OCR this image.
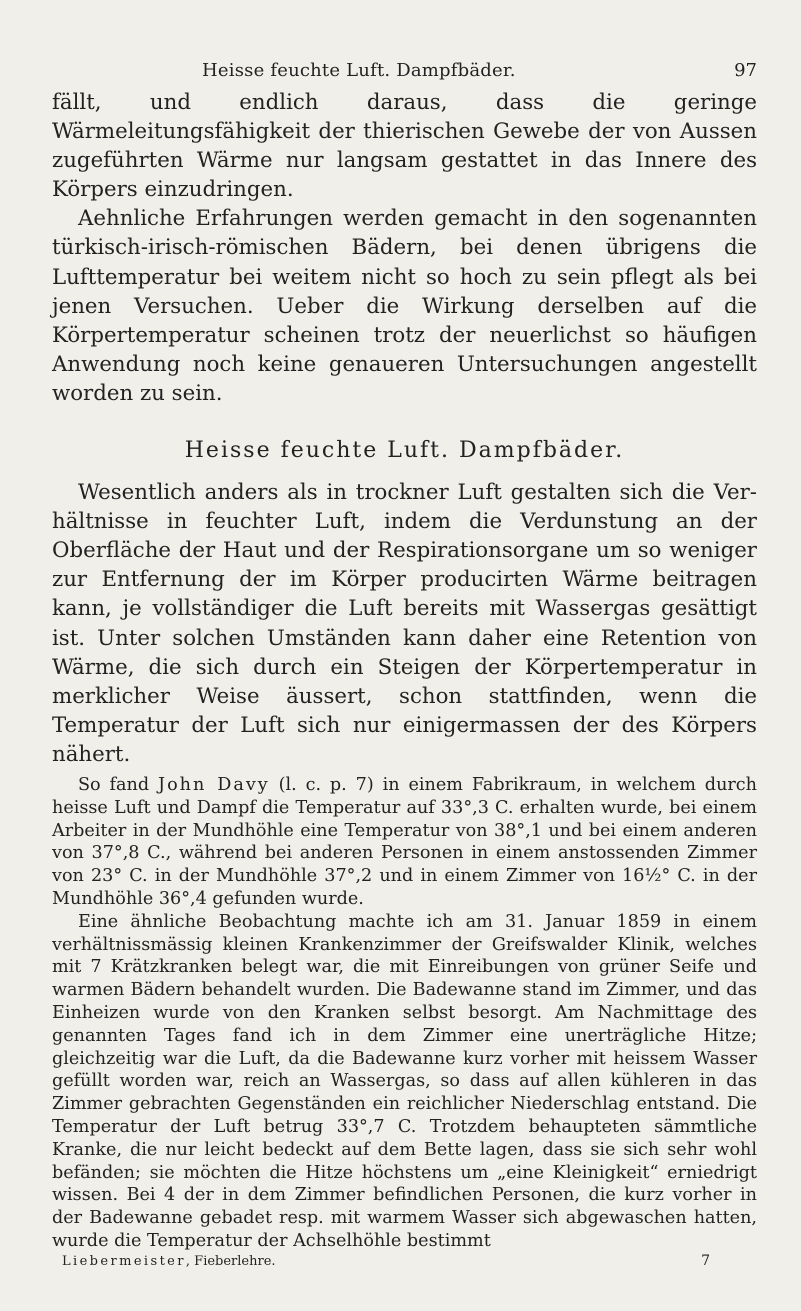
Heisse feuchte Luft. Dampfbäder.	97

fällt, und endlich daraus, dass die geringe Wärmeleitungsfähigkeit der thierischen Gewebe der von Aussen zugeführten Wärme nur langsam gestattet in das Innere des Körpers einzudringen.

Aehnliche Erfahrungen werden gemacht in den sogenannten türkisch-irisch-römischen Bädern, bei denen übrigens die Lufttemperatur bei weitem nicht so hoch zu sein pflegt als bei jenen Versuchen. Ueber die Wirkung derselben auf die Körpertemperatur scheinen trotz der neuerlichst so häufigen Anwendung noch keine genaueren Untersuchungen angestellt worden zu sein.

Heisse feuchte Luft. Dampfbäder.

Wesentlich anders als in trockner Luft gestalten sich die Verhältnisse in feuchter Luft, indem die Verdunstung an der Oberfläche der Haut und der Respirationsorgane um so weniger zur Entfernung der im Körper producirten Wärme beitragen kann, je vollständiger die Luft bereits mit Wassergas gesättigt ist. Unter solchen Umständen kann daher eine Retention von Wärme, die sich durch ein Steigen der Körpertemperatur in merklicher Weise äussert, schon stattfinden, wenn die Temperatur der Luft sich nur einigermassen der des Körpers nähert.

So fand John Davy (l. c. p. 7) in einem Fabrikraum, in welchem durch heisse Luft und Dampf die Temperatur auf 33°,3 C. erhalten wurde, bei einem Arbeiter in der Mundhöhle eine Temperatur von 38°,1 und bei einem anderen von 37°,8 C., während bei anderen Personen in einem anstossenden Zimmer von 23° C. in der Mundhöhle 37°,2 und in einem Zimmer von 16½° C. in der Mundhöhle 36°,4 gefunden wurde.

Eine ähnliche Beobachtung machte ich am 31. Januar 1859 in einem verhältnissmässig kleinen Krankenzimmer der Greifswalder Klinik, welches mit 7 Krätzkranken belegt war, die mit Einreibungen von grüner Seife und warmen Bädern behandelt wurden. Die Badewanne stand im Zimmer, und das Einheizen wurde von den Kranken selbst besorgt. Am Nachmittage des genannten Tages fand ich in dem Zimmer eine unerträgliche Hitze; gleichzeitig war die Luft, da die Badewanne kurz vorher mit heissem Wasser gefüllt worden war, reich an Wassergas, so dass auf allen kühleren in das Zimmer gebrachten Gegenständen ein reichlicher Niederschlag entstand. Die Temperatur der Luft betrug 33°,7 C. Trotzdem behaupteten sämmtliche Kranke, die nur leicht bedeckt auf dem Bette lagen, dass sie sich sehr wohl befänden; sie möchten die Hitze höchstens um „eine Kleinigkeit“ erniedrigt wissen. Bei 4 der in dem Zimmer befindlichen Personen, die kurz vorher in der Badewanne gebadet resp. mit warmem Wasser sich abgewaschen hatten, wurde die Temperatur der Achselhöhle bestimmt

Liebermeister, Fieberlehre.	7
